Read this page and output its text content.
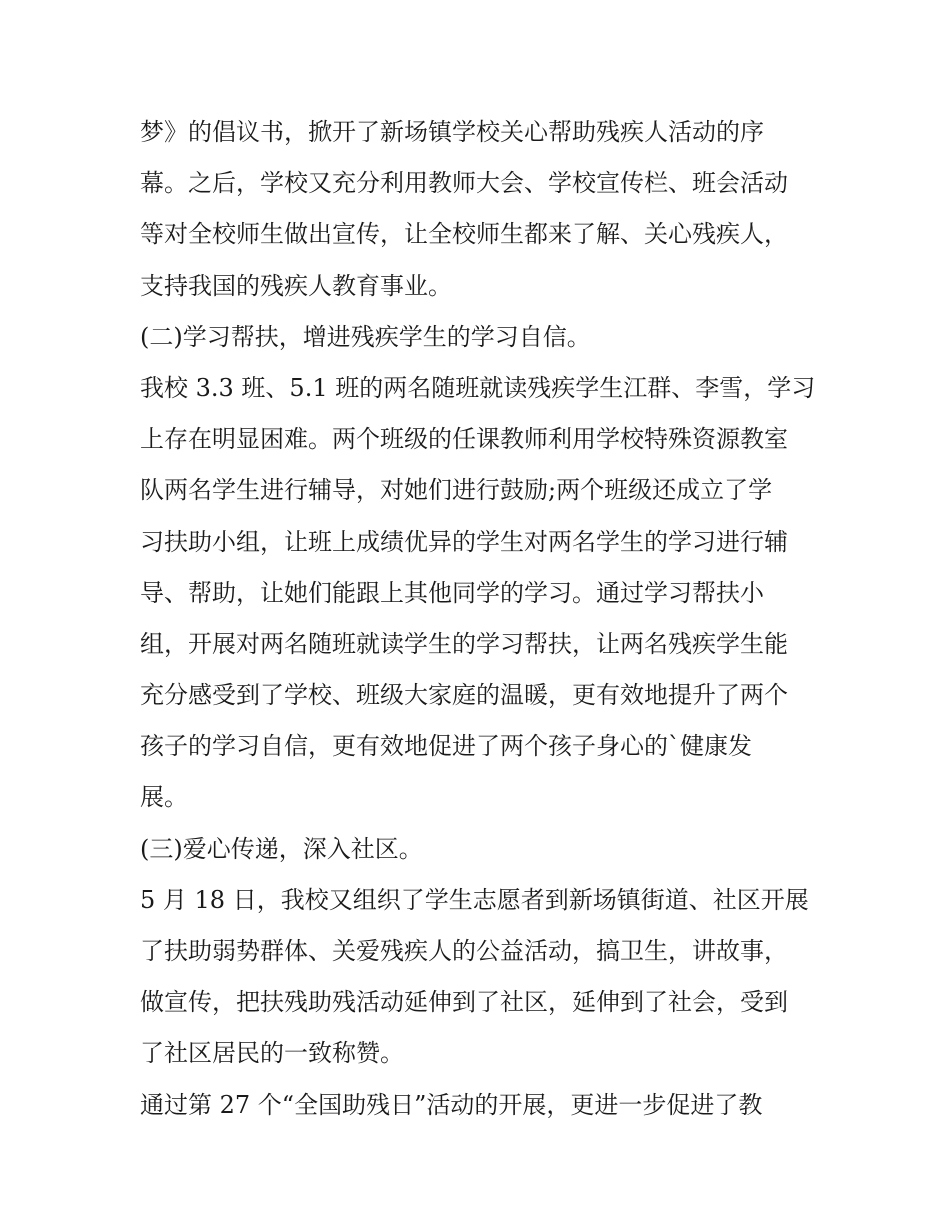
梦》的倡议书，掀开了新场镇学校关心帮助残疾人活动的序
幕。之后，学校又充分利用教师大会、学校宣传栏、班会活动
等对全校师生做出宣传，让全校师生都来了解、关心残疾人，
支持我国的残疾人教育事业。
(二)学习帮扶，增进残疾学生的学习自信。
我校 3.3 班、5.1 班的两名随班就读残疾学生江群、李雪，学习
上存在明显困难。两个班级的任课教师利用学校特殊资源教室
队两名学生进行辅导，对她们进行鼓励;两个班级还成立了学
习扶助小组，让班上成绩优异的学生对两名学生的学习进行辅
导、帮助，让她们能跟上其他同学的学习。通过学习帮扶小
组，开展对两名随班就读学生的学习帮扶，让两名残疾学生能
充分感受到了学校、班级大家庭的温暖，更有效地提升了两个
孩子的学习自信，更有效地促进了两个孩子身心的`健康发
展。
(三)爱心传递，深入社区。
5 月 18 日，我校又组织了学生志愿者到新场镇街道、社区开展
了扶助弱势群体、关爱残疾人的公益活动，搞卫生，讲故事，
做宣传，把扶残助残活动延伸到了社区，延伸到了社会，受到
了社区居民的一致称赞。
通过第 27 个“全国助残日”活动的开展，更进一步促进了教
